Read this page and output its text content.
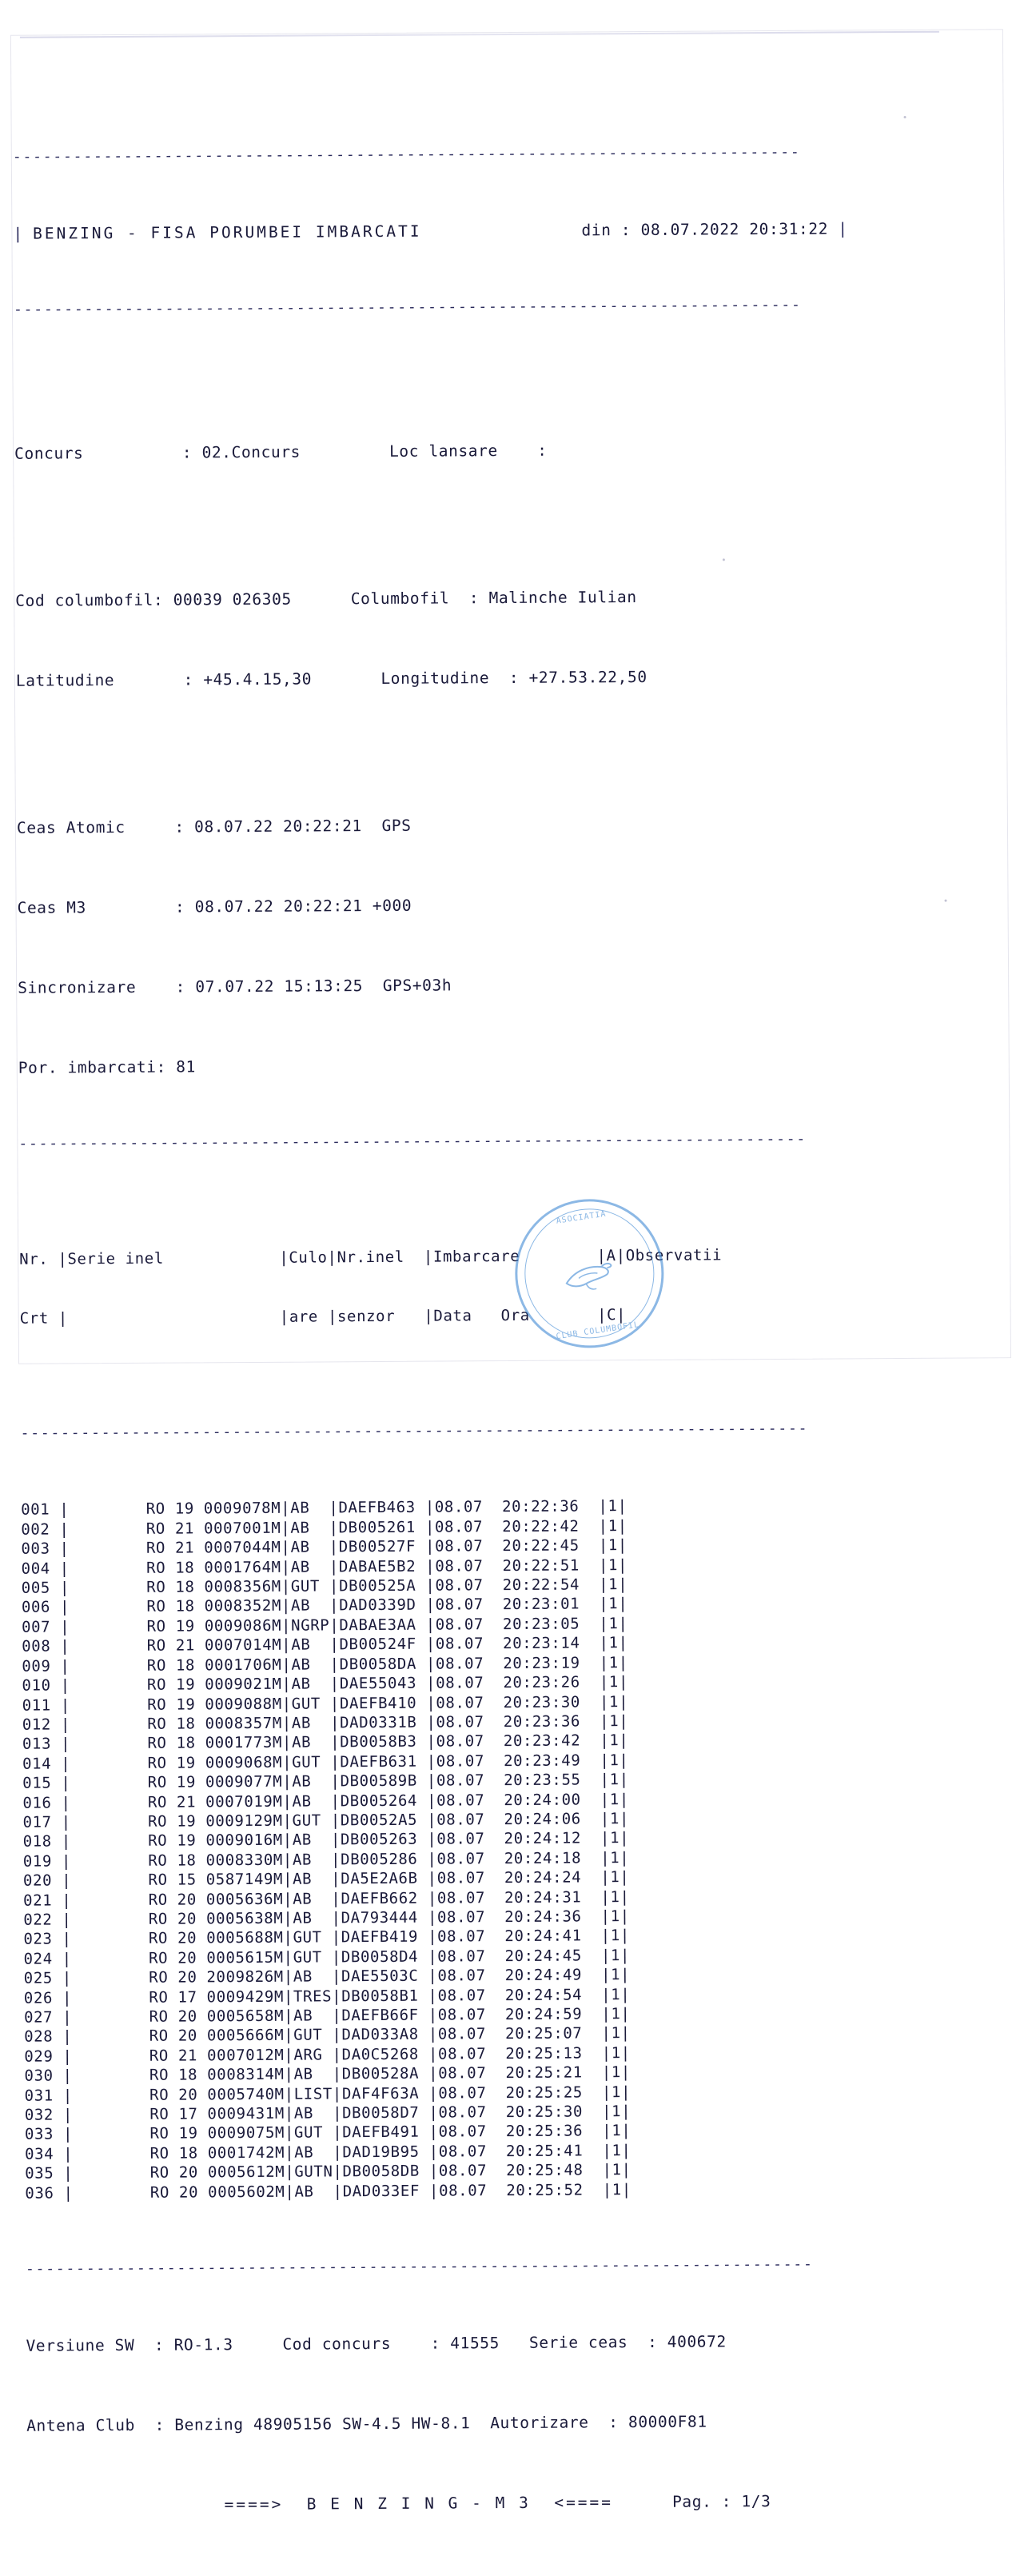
------------------------------------------------------------------------------

| BENZING - FISA PORUMBEI IMBARCATI	din :
08.07.2022 20:31:22 |

------------------------------------------------------------------------------

Concurs	: 02.Concurs	Loc lansare	:

Cod columbofil: 00039 026305	Columbofil : Malinche Iulian

Latitudine	: +45.4.15,30	Longitudine : +27.53.22,50

Ceas Atomic	: 08.07.22 20:22:21  GPS

Ceas M3	: 08.07.22 20:22:21 +000

Sincronizare	: 07.07.22 15:13:25  GPS+03h

Por. imbarcati: 81

------------------------------------------------------------------------------

Nr. |Serie inel            |Culo|Nr.inel  |Imbarcare        |A|Observatii

Crt |                      |are |senzor   |Data   Ora       |C|

------------------------------------------------------------------------------

001 |        RO 19 0009078M|AB  |DAEFB463 |08.07  20:22:36  |1|
002 |        RO 21 0007001M|AB  |DB005261 |08.07  20:22:42  |1|
003 |        RO 21 0007044M|AB  |DB00527F |08.07  20:22:45  |1|
004 |        RO 18 0001764M|AB  |DABAE5B2 |08.07  20:22:51  |1|
005 |        RO 18 0008356M|GUT |DB00525A |08.07  20:22:54  |1|
006 |        RO 18 0008352M|AB  |DAD0339D |08.07  20:23:01  |1|
007 |        RO 19 0009086M|NGRP|DABAE3AA |08.07  20:23:05  |1|
008 |        RO 21 0007014M|AB  |DB00524F |08.07  20:23:14  |1|
009 |        RO 18 0001706M|AB  |DB0058DA |08.07  20:23:19  |1|
010 |        RO 19 0009021M|AB  |DAE55043 |08.07  20:23:26  |1|
011 |        RO 19 0009088M|GUT |DAEFB410 |08.07  20:23:30  |1|
012 |        RO 18 0008357M|AB  |DAD0331B |08.07  20:23:36  |1|
013 |        RO 18 0001773M|AB  |DB0058B3 |08.07  20:23:42  |1|
014 |        RO 19 0009068M|GUT |DAEFB631 |08.07  20:23:49  |1|
015 |        RO 19 0009077M|AB  |DB00589B |08.07  20:23:55  |1|
016 |        RO 21 0007019M|AB  |DB005264 |08.07  20:24:00  |1|
017 |        RO 19 0009129M|GUT |DB0052A5 |08.07  20:24:06  |1|
018 |        RO 19 0009016M|AB  |DB005263 |08.07  20:24:12  |1|
019 |        RO 18 0008330M|AB  |DB005286 |08.07  20:24:18  |1|
020 |        RO 15 0587149M|AB  |DA5E2A6B |08.07  20:24:24  |1|
021 |        RO 20 0005636M|AB  |DAEFB662 |08.07  20:24:31  |1|
022 |        RO 20 0005638M|AB  |DA793444 |08.07  20:24:36  |1|
023 |        RO 20 0005688M|GUT |DAEFB419 |08.07  20:24:41  |1|
024 |        RO 20 0005615M|GUT |DB0058D4 |08.07  20:24:45  |1|
025 |        RO 20 2009826M|AB  |DAE5503C |08.07  20:24:49  |1|
026 |        RO 17 0009429M|TRES|DB0058B1 |08.07  20:24:54  |1|
027 |        RO 20 0005658M|AB  |DAEFB66F |08.07  20:24:59  |1|
028 |        RO 20 0005666M|GUT |DAD033A8 |08.07  20:25:07  |1|
029 |        RO 21 0007012M|ARG |DA0C5268 |08.07  20:25:13  |1|
030 |        RO 18 0008314M|AB  |DB00528A |08.07  20:25:21  |1|
031 |        RO 20 0005740M|LIST|DAF4F63A |08.07  20:25:25  |1|
032 |        RO 17 0009431M|AB  |DB0058D7 |08.07  20:25:30  |1|
033 |        RO 19 0009075M|GUT |DAEFB491 |08.07  20:25:36  |1|
034 |        RO 18 0001742M|AB  |DAD19B95 |08.07  20:25:41  |1|
035 |        RO 20 0005612M|GUTN|DB0058DB |08.07  20:25:48  |1|
036 |        RO 20 0005602M|AB  |DAD033EF |08.07  20:25:52  |1|

------------------------------------------------------------------------------

Versiune SW : RO-1.3	Cod concurs	: 41555 Serie ceas : 400672

Antena Club : Benzing 48905156 SW-4.5 HW-8.1 Autorizare : 80000F81

====>  B E N Z I N G - M 3  <====	Pag. : 1/3

ASOCIATIA
CLUB COLUMBOFIL
